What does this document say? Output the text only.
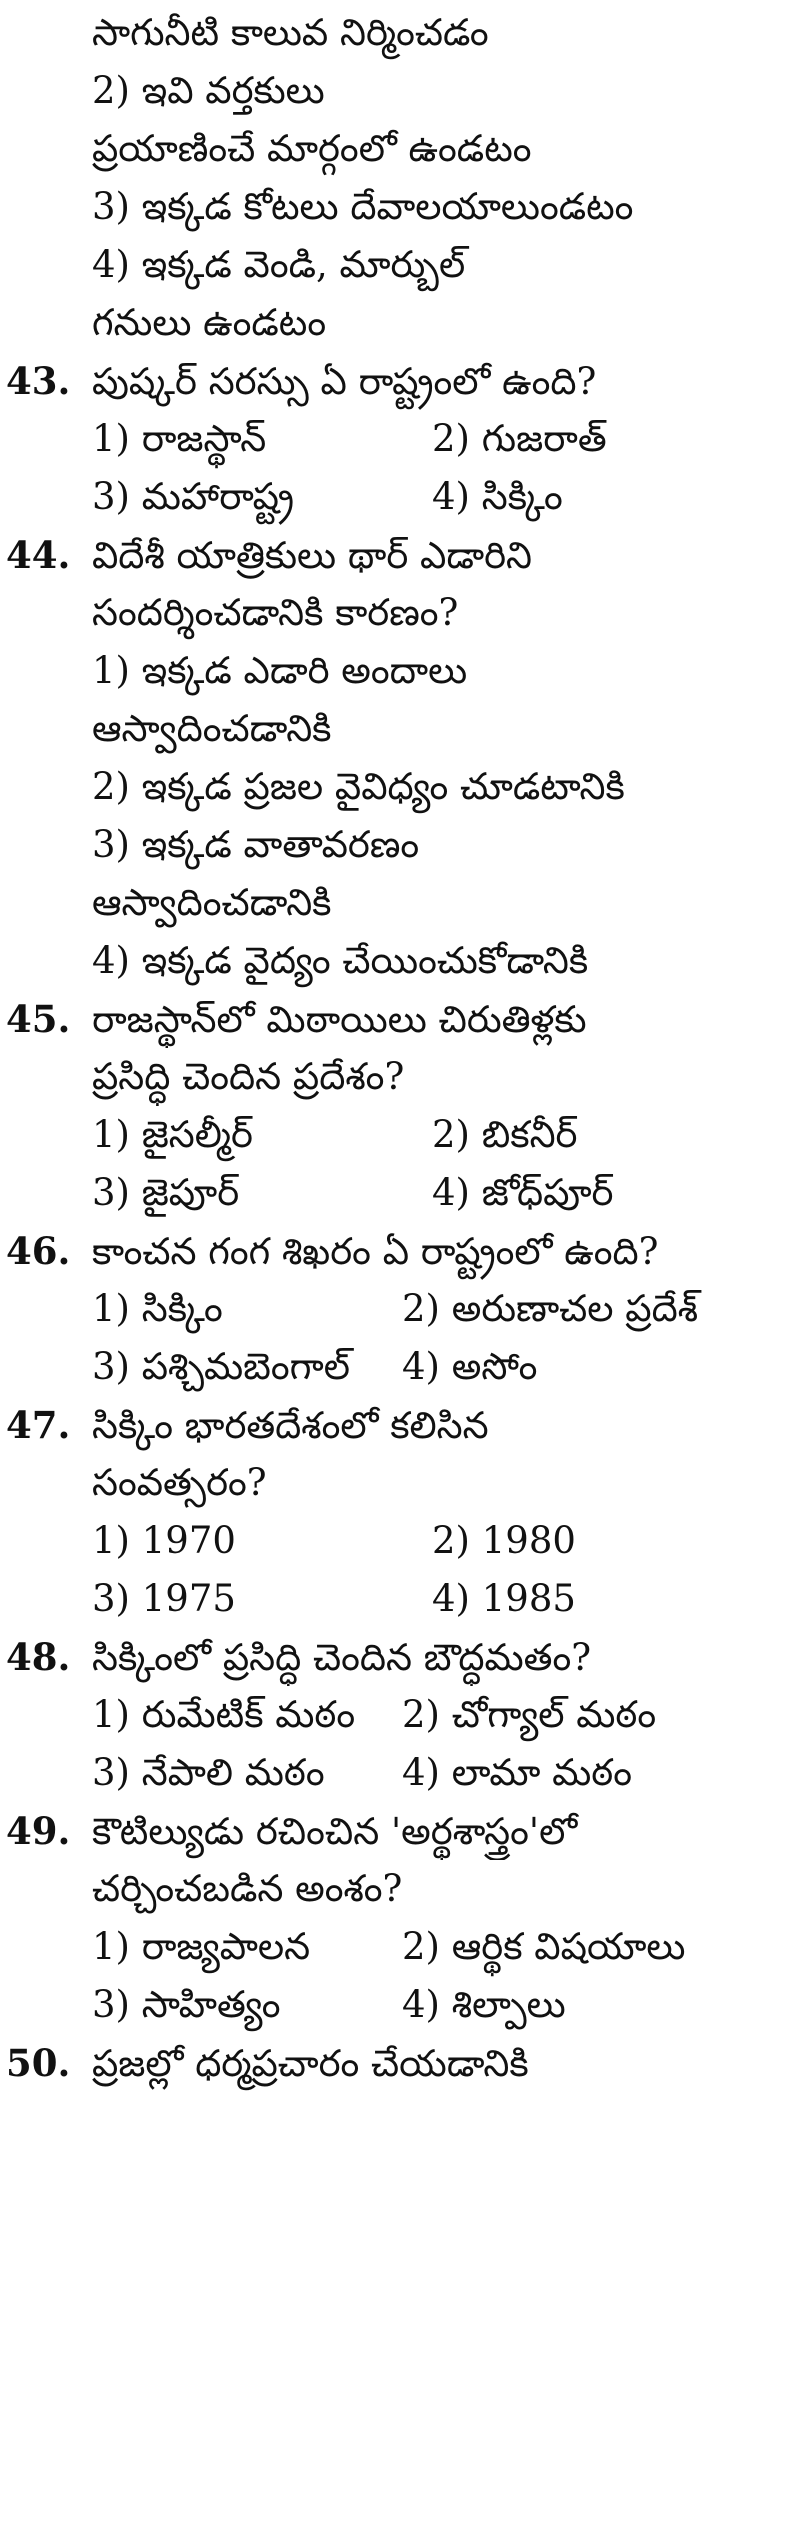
సాగునీటి కాలువ నిర్మించడం
2) ఇవి వర్తకులు
ప్రయాణించే మార్గంలో ఉండటం
3) ఇక్కడ కోటలు దేవాలయాలుండటం
4) ఇక్కడ వెండి, మార్బుల్
గనులు ఉండటం
43. పుష్కర్ సరస్సు ఏ రాష్ట్రంలో ఉంది?
1) రాజస్థాన్	2) గుజరాత్
3) మహారాష్ట్ర	4) సిక్కిం
44. విదేశీ యాత్రికులు థార్ ఎడారిని
సందర్శించడానికి కారణం?
1) ఇక్కడ ఎడారి అందాలు
ఆస్వాదించడానికి
2) ఇక్కడ ప్రజల వైవిధ్యం చూడటానికి
3) ఇక్కడ వాతావరణం
ఆస్వాదించడానికి
4) ఇక్కడ వైద్యం చేయించుకోడానికి
45. రాజస్థాన్‌లో మిఠాయిలు చిరుతిళ్లకు
ప్రసిద్ధి చెందిన ప్రదేశం?
1) జైసల్మీర్	2) బికనీర్
3) జైపూర్	4) జోధ్‌పూర్
46. కాంచన గంగ శిఖరం ఏ రాష్ట్రంలో ఉంది?
1) సిక్కిం	2) అరుణాచల ప్రదేశ్
3) పశ్చిమబెంగాల్	4) అసోం
47. సిక్కిం భారతదేశంలో కలిసిన
సంవత్సరం?
1) 1970	2) 1980
3) 1975	4) 1985
48. సిక్కింలో ప్రసిద్ధి చెందిన బౌద్ధమతం?
1) రుమేటిక్ మఠం	2) చోగ్యాల్ మఠం
3) నేపాలి మఠం	4) లామా మఠం
49. కౌటిల్యుడు రచించిన 'అర్థశాస్త్రం'లో
చర్చించబడిన అంశం?
1) రాజ్యపాలన	2) ఆర్థిక విషయాలు
3) సాహిత్యం	4) శిల్పాలు
50. ప్రజల్లో ధర్మప్రచారం చేయడానికి
